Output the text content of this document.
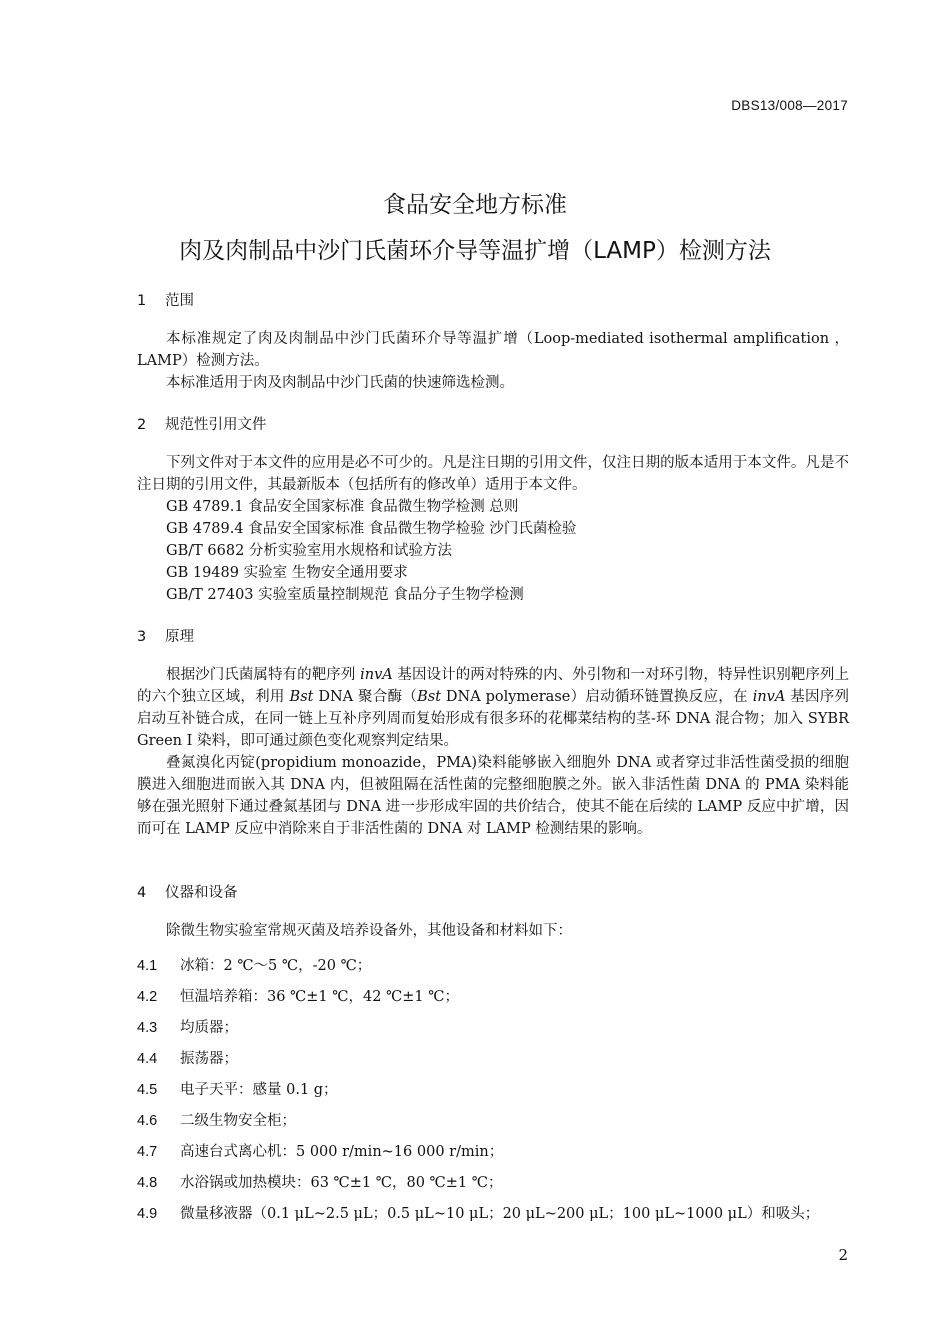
DBS13/008—2017
食品安全地方标准
肉及肉制品中沙门氏菌环介导等温扩增（LAMP）检测方法
1 范围

本标准规定了肉及肉制品中沙门氏菌环介导等温扩增（Loop-mediated isothermal amplification ，LAMP）检测方法。

本标准适用于肉及肉制品中沙门氏菌的快速筛选检测。

2 规范性引用文件

下列文件对于本文件的应用是必不可少的。凡是注日期的引用文件，仅注日期的版本适用于本文件。凡是不注日期的引用文件，其最新版本（包括所有的修改单）适用于本文件。

GB 4789.1 食品安全国家标准 食品微生物学检测 总则
GB 4789.4 食品安全国家标准 食品微生物学检验 沙门氏菌检验
GB/T 6682 分析实验室用水规格和试验方法
GB 19489 实验室 生物安全通用要求
GB/T 27403 实验室质量控制规范 食品分子生物学检测
3 原理

根据沙门氏菌属特有的靶序列 invA 基因设计的两对特殊的内、外引物和一对环引物，特异性识别靶序列上的六个独立区域，利用 Bst DNA 聚合酶（Bst DNA polymerase）启动循环链置换反应，在 invA 基因序列启动互补链合成，在同一链上互补序列周而复始形成有很多环的花椰菜结构的茎-环 DNA 混合物；加入 SYBR Green I 染料，即可通过颜色变化观察判定结果。

叠氮溴化丙锭(propidium monoazide，PMA)染料能够嵌入细胞外 DNA 或者穿过非活性菌受损的细胞膜进入细胞进而嵌入其 DNA 内，但被阻隔在活性菌的完整细胞膜之外。嵌入非活性菌 DNA 的 PMA 染料能够在强光照射下通过叠氮基团与 DNA 进一步形成牢固的共价结合，使其不能在后续的 LAMP 反应中扩增，因而可在 LAMP 反应中消除来自于非活性菌的 DNA 对 LAMP 检测结果的影响。

4 仪器和设备

除微生物实验室常规灭菌及培养设备外，其他设备和材料如下：

4.1 冰箱：2 ℃～5 ℃，-20 ℃；
4.2 恒温培养箱：36 ℃±1 ℃，42 ℃±1 ℃；
4.3 均质器；
4.4 振荡器；
4.5 电子天平：感量 0.1 g；
4.6 二级生物安全柜；
4.7 高速台式离心机：5 000 r/min~16 000 r/min；
4.8 水浴锅或加热模块：63 ℃±1 ℃，80 ℃±1 ℃；
4.9 微量移液器（0.1 μL~2.5 μL；0.5 μL~10 μL；20 μL~200 μL；100 μL~1000 μL）和吸头；
2
